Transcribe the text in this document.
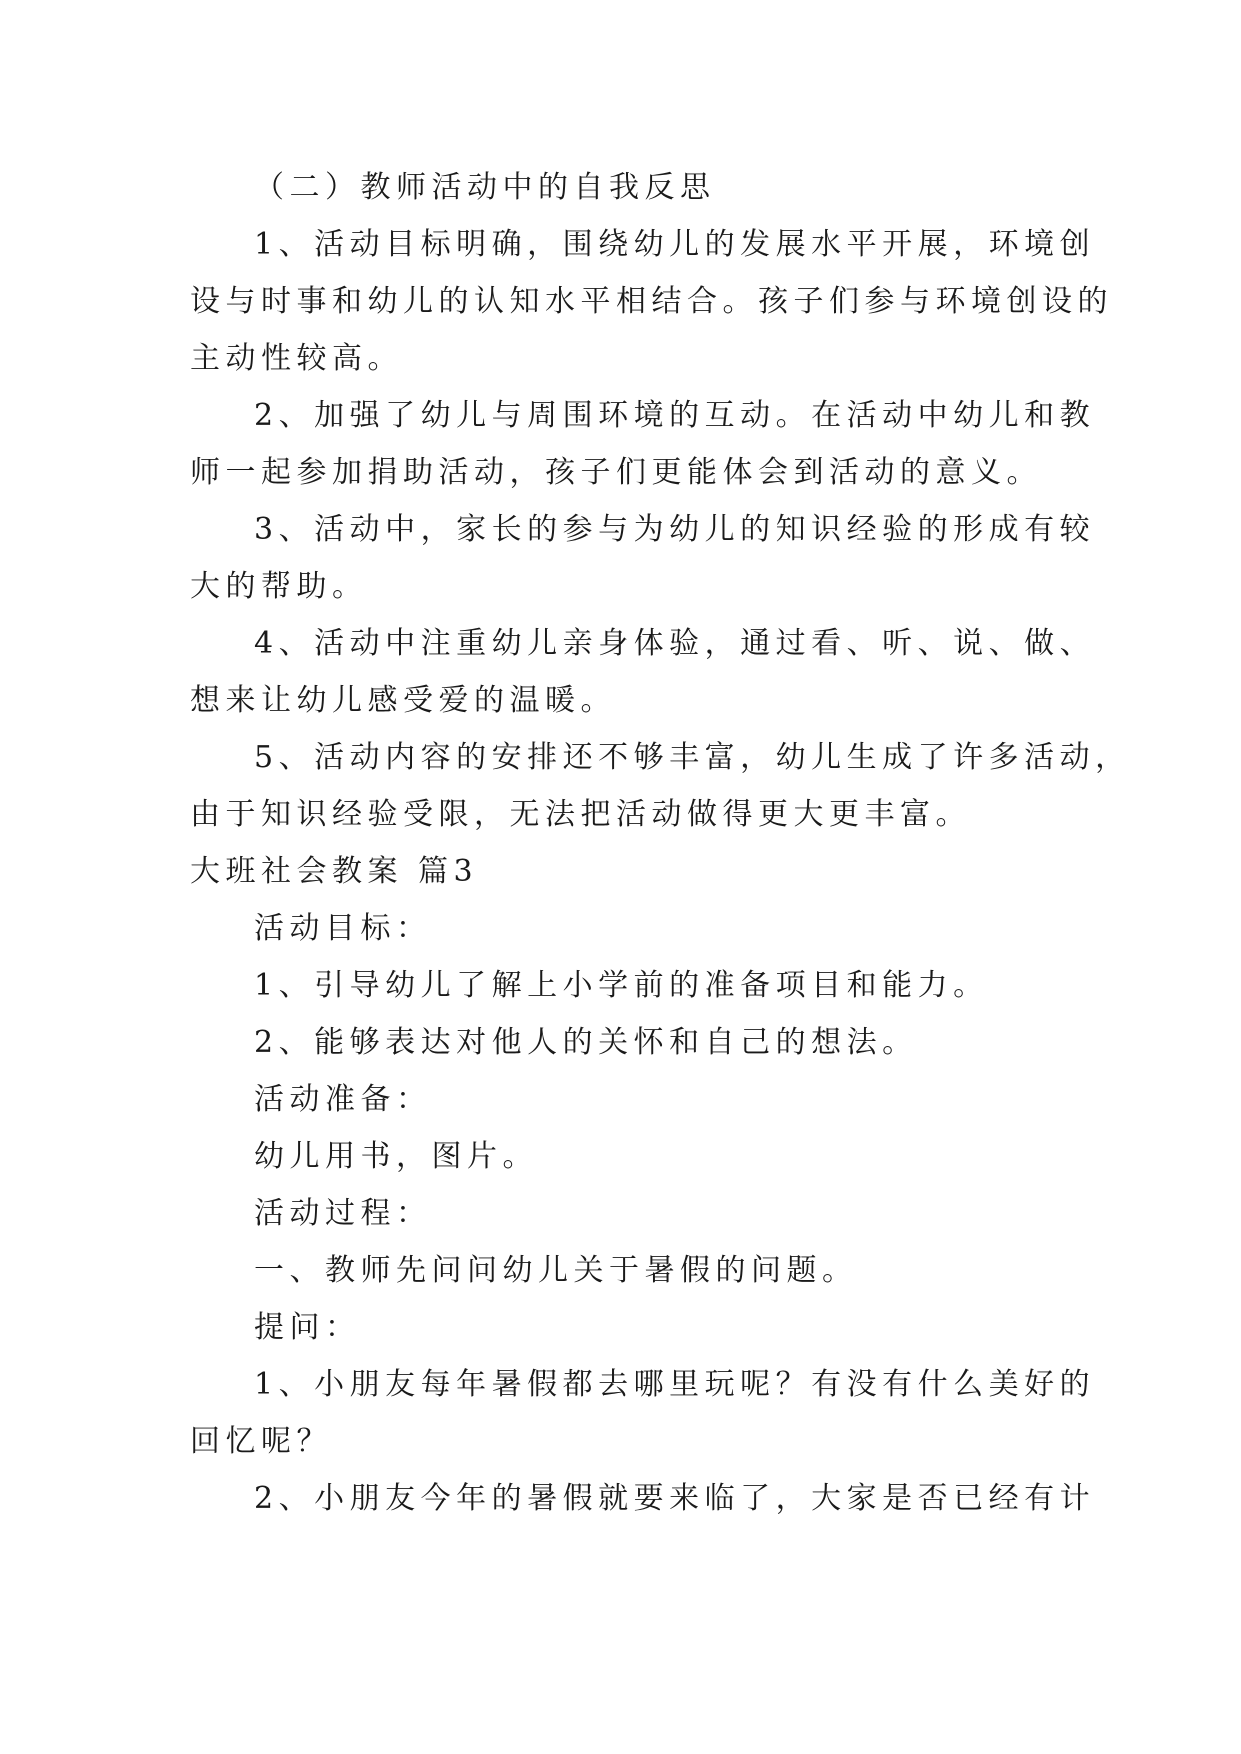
（二）教师活动中的自我反思
1、活动目标明确，围绕幼儿的发展水平开展，环境创
设与时事和幼儿的认知水平相结合。孩子们参与环境创设的
主动性较高。
2、加强了幼儿与周围环境的互动。在活动中幼儿和教
师一起参加捐助活动，孩子们更能体会到活动的意义。
3、活动中，家长的参与为幼儿的知识经验的形成有较
大的帮助。
4、活动中注重幼儿亲身体验，通过看、听、说、做、
想来让幼儿感受爱的温暖。
5、活动内容的安排还不够丰富，幼儿生成了许多活动，
由于知识经验受限，无法把活动做得更大更丰富。
大班社会教案 篇3
活动目标：
1、引导幼儿了解上小学前的准备项目和能力。
2、能够表达对他人的关怀和自己的想法。
活动准备：
幼儿用书，图片。
活动过程：
一、教师先问问幼儿关于暑假的问题。
提问：
1、小朋友每年暑假都去哪里玩呢？有没有什么美好的
回忆呢？
2、小朋友今年的暑假就要来临了，大家是否已经有计
